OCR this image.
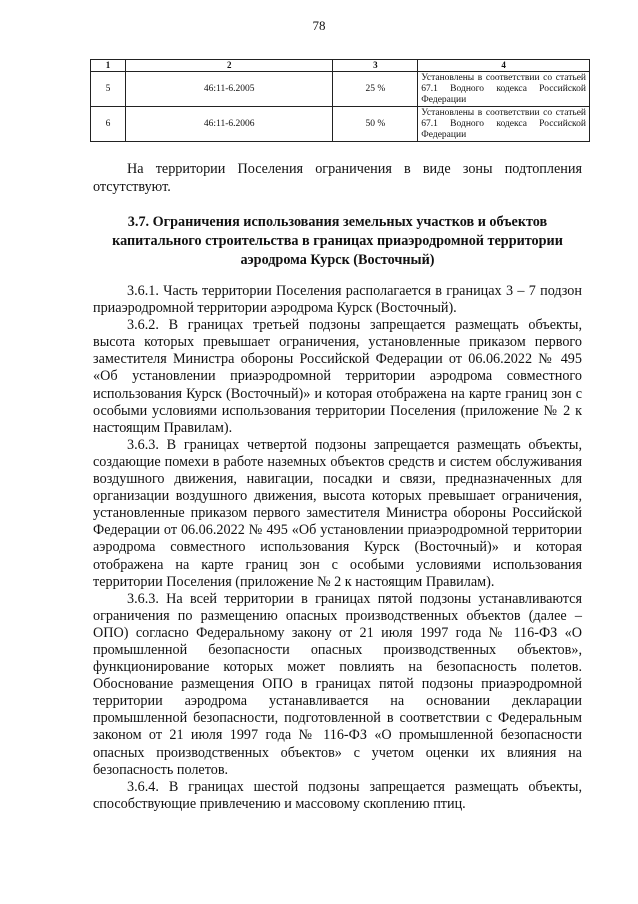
78
1	2	3	4
5	46:11-6.2005	25 %	Установлены в соответствии со статьей 67.1 Водного кодекса Российской Федерации
6	46:11-6.2006	50 %	Установлены в соответствии со статьей 67.1 Водного кодекса Российской Федерации

На территории Поселения ограничения в виде зоны подтопления отсутствуют.

3.7. Ограничения использования земельных участков и объектов
капитального строительства в границах приаэродромной территории
аэродрома Курск (Восточный)

3.6.1. Часть территории Поселения располагается в границах 3 – 7 подзон приаэродромной территории аэродрома Курск (Восточный).

3.6.2. В границах третьей подзоны запрещается размещать объекты, высота которых превышает ограничения, установленные приказом первого заместителя Министра обороны Российской Федерации от 06.06.2022 № 495 «Об установлении приаэродромной территории аэродрома совместного использования Курск (Восточный)» и которая отображена на карте границ зон с особыми условиями использования территории Поселения (приложение № 2 к настоящим Правилам).

3.6.3. В границах четвертой подзоны запрещается размещать объекты, создающие помехи в работе наземных объектов средств и систем обслуживания воздушного движения, навигации, посадки и связи, предназначенных для организации воздушного движения, высота которых превышает ограничения, установленные приказом первого заместителя Министра обороны Российской Федерации от 06.06.2022 № 495 «Об установлении приаэродромной территории аэродрома совместного использования Курск (Восточный)» и которая отображена на карте границ зон с особыми условиями использования территории Поселения (приложение № 2 к настоящим Правилам).

3.6.3. На всей территории в границах пятой подзоны устанавливаются ограничения по размещению опасных производственных объектов (далее – ОПО) согласно Федеральному закону от 21 июля 1997 года № 116-ФЗ «О промышленной безопасности опасных производственных объектов», функционирование которых может повлиять на безопасность полетов. Обоснование размещения ОПО в границах пятой подзоны приаэродромной территории аэродрома устанавливается на основании декларации промышленной безопасности, подготовленной в соответствии с Федеральным законом от 21 июля 1997 года № 116-ФЗ «О промышленной безопасности опасных производственных объектов» с учетом оценки их влияния на безопасность полетов.

3.6.4. В границах шестой подзоны запрещается размещать объекты, способствующие привлечению и массовому скоплению птиц.
